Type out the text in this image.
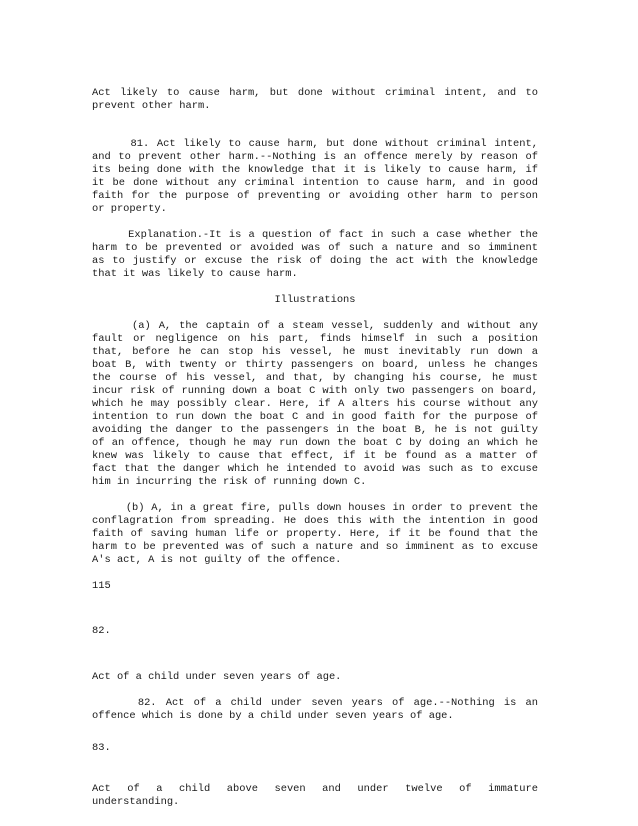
Act likely to cause harm, but done without criminal intent, and to
prevent other harm.
81. Act likely to cause harm, but done without criminal intent,
and to prevent other harm.--Nothing is an offence merely by reason of
its being done with the knowledge that it is likely to cause harm, if
it be done without any criminal intention to cause harm, and in good
faith for the purpose of preventing or avoiding other harm to person
or property.
Explanation.-It is a question of fact in such a case whether the
harm to be prevented or avoided was of such a nature and so imminent
as to justify or excuse the risk of doing the act with the knowledge
that it was likely to cause harm.
Illustrations
(a) A, the captain of a steam vessel, suddenly and without any
fault or negligence on his part, finds himself in such a position
that, before he can stop his vessel, he must inevitably run down a
boat B, with twenty or thirty passengers on board, unless he changes
the course of his vessel, and that, by changing his course, he must
incur risk of running down a boat C with only two passengers on board,
which he may possibly clear. Here, if A alters his course without any
intention to run down the boat C and in good faith for the purpose of
avoiding the danger to the passengers in the boat B, he is not guilty
of an offence, though he may run down the boat C by doing an which he
knew was likely to cause that effect, if it be found as a matter of
fact that the danger which he intended to avoid was such as to excuse
him in incurring the risk of running down C.
(b) A, in a great fire, pulls down houses in order to prevent the
conflagration from spreading. He does this with the intention in good
faith of saving human life or property. Here, if it be found that the
harm to be prevented was of such a nature and so imminent as to excuse
A's act, A is not guilty of the offence.
115
82.
Act of a child under seven years of age.
82. Act of a child under seven years of age.--Nothing is an
offence which is done by a child under seven years of age.
83.
Act of a child above seven and under twelve of immature
understanding.
